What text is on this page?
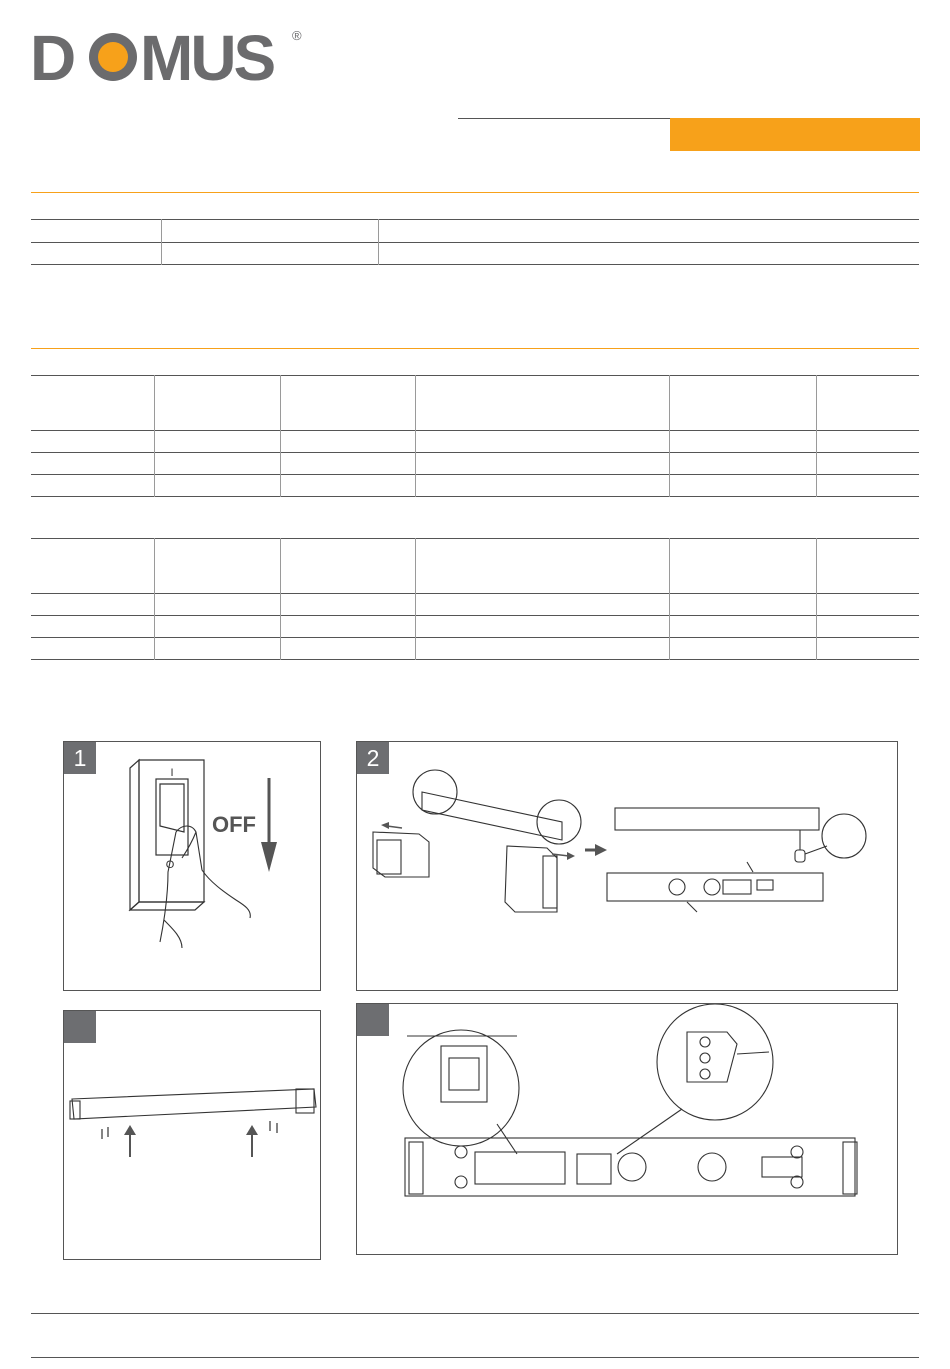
D MUS ®

1
I
O
OFF
2
